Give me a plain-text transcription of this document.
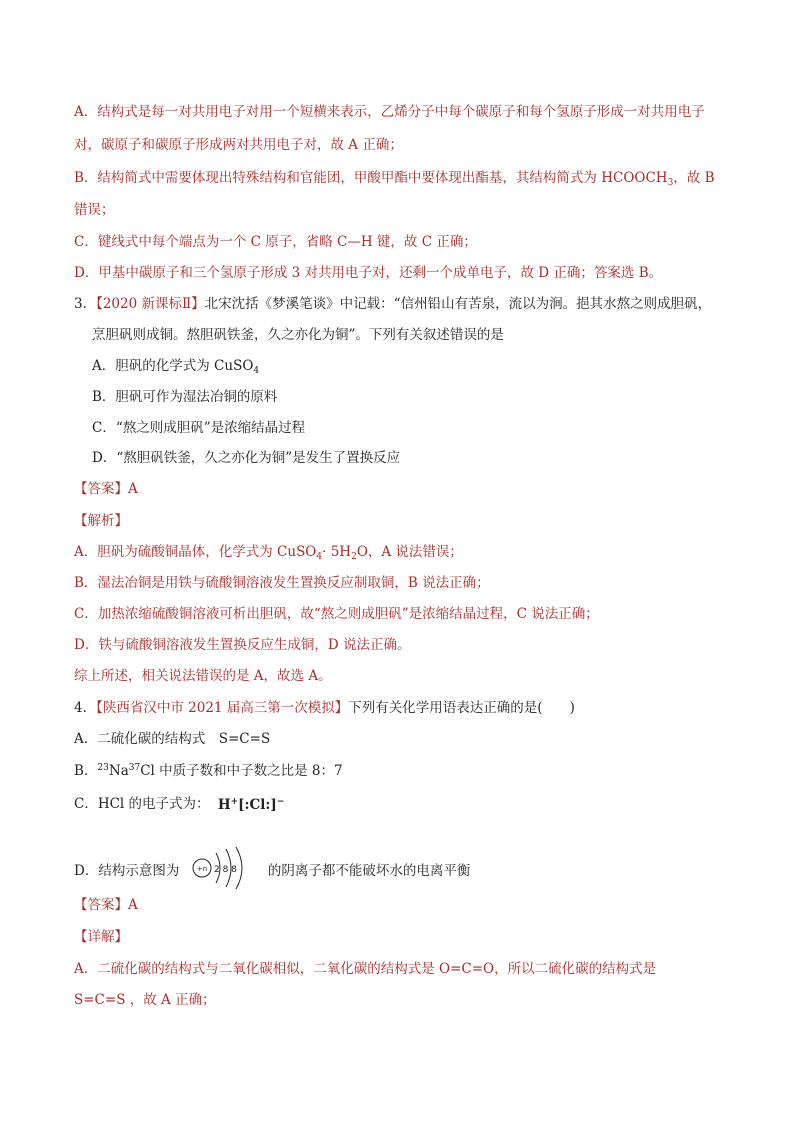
A．结构式是每一对共用电子对用一个短横来表示，乙烯分子中每个碳原子和每个氢原子形成一对共用电子
对，碳原子和碳原子形成两对共用电子对，故 A 正确；
B．结构简式中需要体现出特殊结构和官能团，甲酸甲酯中要体现出酯基，其结构简式为 $HCOOCH_3$，故 B
错误；
C．键线式中每个端点为一个 C 原子，省略 C—H 键，故 C 正确；
D．甲基中碳原子和三个氢原子形成 3 对共用电子对，还剩一个成单电子，故 D 正确；答案选 B。
3．【2020 新课标Ⅱ】北宋沈括《梦溪笔谈》中记载：“信州铅山有苦泉，流以为涧。挹其水熬之则成胆矾，
烹胆矾则成铜。熬胆矾铁釜，久之亦化为铜”。下列有关叙述错误的是
A．胆矾的化学式为 CuSO$_4$
B．胆矾可作为湿法冶铜的原料
C．“熬之则成胆矾”是浓缩结晶过程
D．“熬胆矾铁釜，久之亦化为铜”是发生了置换反应
【答案】A
【解析】
A．胆矾为硫酸铜晶体，化学式为 CuSO$_4$· $5H_2O$，A 说法错误；
B．湿法冶铜是用铁与硫酸铜溶液发生置换反应制取铜，B 说法正确；
C．加热浓缩硫酸铜溶液可析出胆矾，故“熬之则成胆矾”是浓缩结晶过程，C 说法正确；
D．铁与硫酸铜溶液发生置换反应生成铜，D 说法正确。
综上所述，相关说法错误的是 A，故选 A。
4．【陕西省汉中市 2021 届高三第一次模拟】下列有关化学用语表达正确的是(　　)
A．二硫化碳的结构式　S=C=S
B．$^{23}$Na$^{37}$Cl 中质子数和中子数之比是 8：7
C．HCl 的电子式为： H+[:Cl:]−
D．结构示意图为 +n 2 8 8 的阴离子都不能破坏水的电离平衡
【答案】A
【详解】
A．二硫化碳的结构式与二氧化碳相似，二氧化碳的结构式是 O=C=O，所以二硫化碳的结构式是
S=C=S ，故 A 正确；
